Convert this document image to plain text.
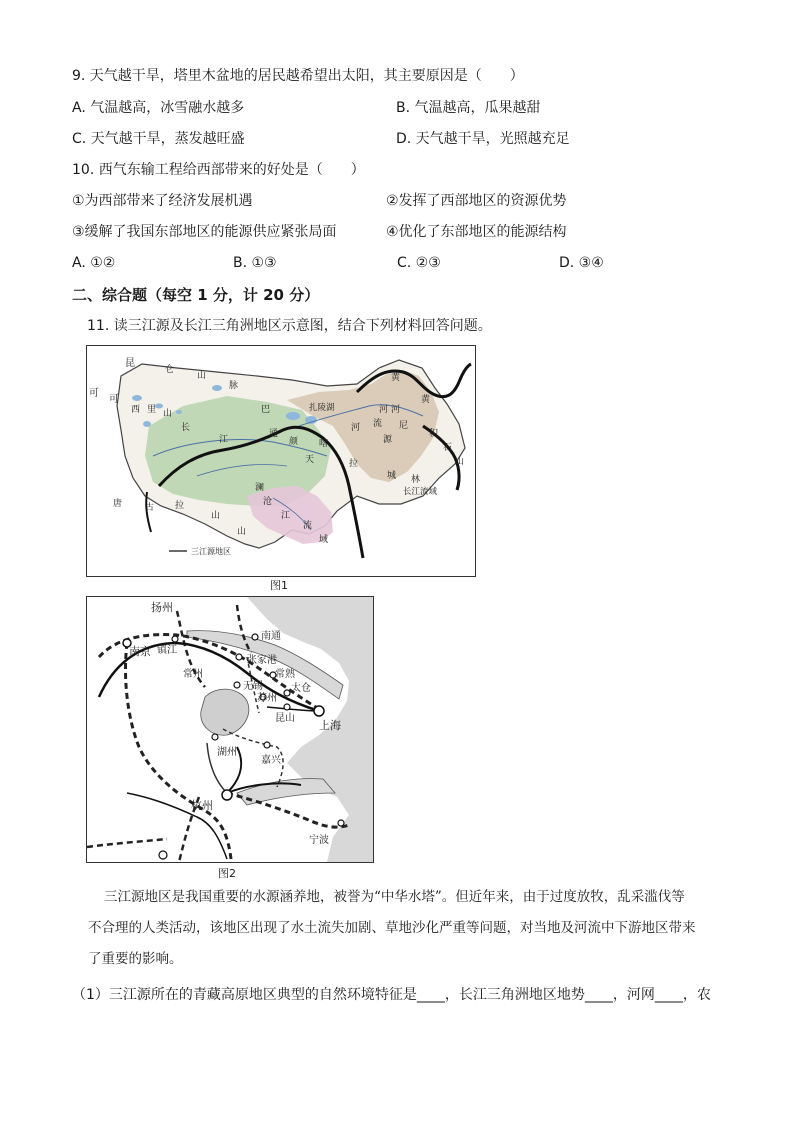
9. 天气越干旱，塔里木盆地的居民越希望出太阳，其主要原因是（　　）
A. 气温越高，冰雪融水越多	B. 气温越高，瓜果越甜
C. 天气越干旱，蒸发越旺盛	D. 天气越干旱，光照越充足
10. 西气东输工程给西部带来的好处是（　　）
①为西部带来了经济发展机遇	②发挥了西部地区的资源优势
③缓解了我国东部地区的能源供应紧张局面	④优化了东部地区的能源结构
A. ①②	B. ①③	C. ②③	D. ③④
二、综合题（每空 1 分，计 20 分）
11. 读三江源及长江三角洲地区示意图，结合下列材料回答问题。
三江源地区
昆
仑
山
脉
可
可
西 里 山
长
江
巴
通
颜
天
扎陵湖
黄
黄
河 河
尼
喀
拉
唐	古 拉
山
澜
沧
江
流
域
山
城 林
长江流域
积
石
山
河
源
流
图1
扬州
南京 镇江
南通
张家港
常州	常熟
无锡
苏州
太仓
昆山
上海
湖州
嘉兴
杭州
宁波
图2
三江源地区是我国重要的水源涵养地，被誉为“中华水塔”。但近年来，由于过度放牧，乱采滥伐等
不合理的人类活动，该地区出现了水土流失加剧、草地沙化严重等问题，对当地及河流中下游地区带来
了重要的影响。
（1）三江源所在的青藏高原地区典型的自然环境特征是____，长江三角洲地区地势____，河网____，农
